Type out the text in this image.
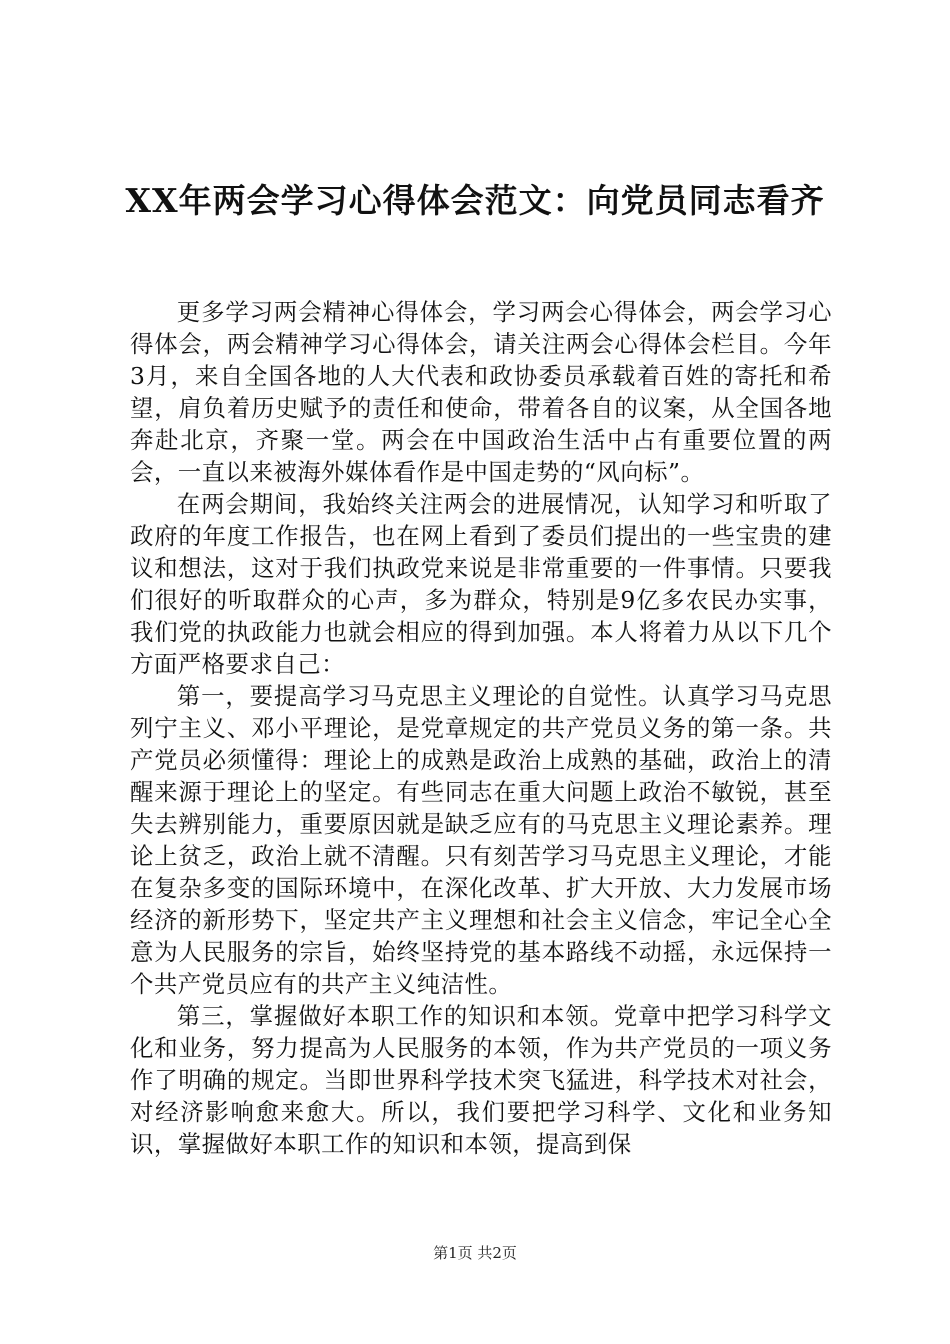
XX年两会学习心得体会范文：向党员同志看齐

更多学习两会精神心得体会，学习两会心得体会，两会学习心得体会，两会精神学习心得体会，请关注两会心得体会栏目。今年3月，来自全国各地的人大代表和政协委员承载着百姓的寄托和希望，肩负着历史赋予的责任和使命，带着各自的议案，从全国各地奔赴北京，齐聚一堂。两会在中国政治生活中占有重要位置的两会，一直以来被海外媒体看作是中国走势的“风向标”。

在两会期间，我始终关注两会的进展情况，认知学习和听取了政府的年度工作报告，也在网上看到了委员们提出的一些宝贵的建议和想法，这对于我们执政党来说是非常重要的一件事情。只要我们很好的听取群众的心声，多为群众，特别是9亿多农民办实事，我们党的执政能力也就会相应的得到加强。本人将着力从以下几个方面严格要求自己：

第一，要提高学习马克思主义理论的自觉性。认真学习马克思列宁主义、邓小平理论，是党章规定的共产党员义务的第一条。共产党员必须懂得：理论上的成熟是政治上成熟的基础，政治上的清醒来源于理论上的坚定。有些同志在重大问题上政治不敏锐，甚至失去辨别能力，重要原因就是缺乏应有的马克思主义理论素养。理论上贫乏，政治上就不清醒。只有刻苦学习马克思主义理论，才能在复杂多变的国际环境中，在深化改革、扩大开放、大力发展市场经济的新形势下，坚定共产主义理想和社会主义信念，牢记全心全意为人民服务的宗旨，始终坚持党的基本路线不动摇，永远保持一个共产党员应有的共产主义纯洁性。

第三，掌握做好本职工作的知识和本领。党章中把学习科学文化和业务，努力提高为人民服务的本领，作为共产党员的一项义务作了明确的规定。当即世界科学技术突飞猛进，科学技术对社会，对经济影响愈来愈大。所以，我们要把学习科学、文化和业务知识，掌握做好本职工作的知识和本领，提高到保

第1页 共2页
